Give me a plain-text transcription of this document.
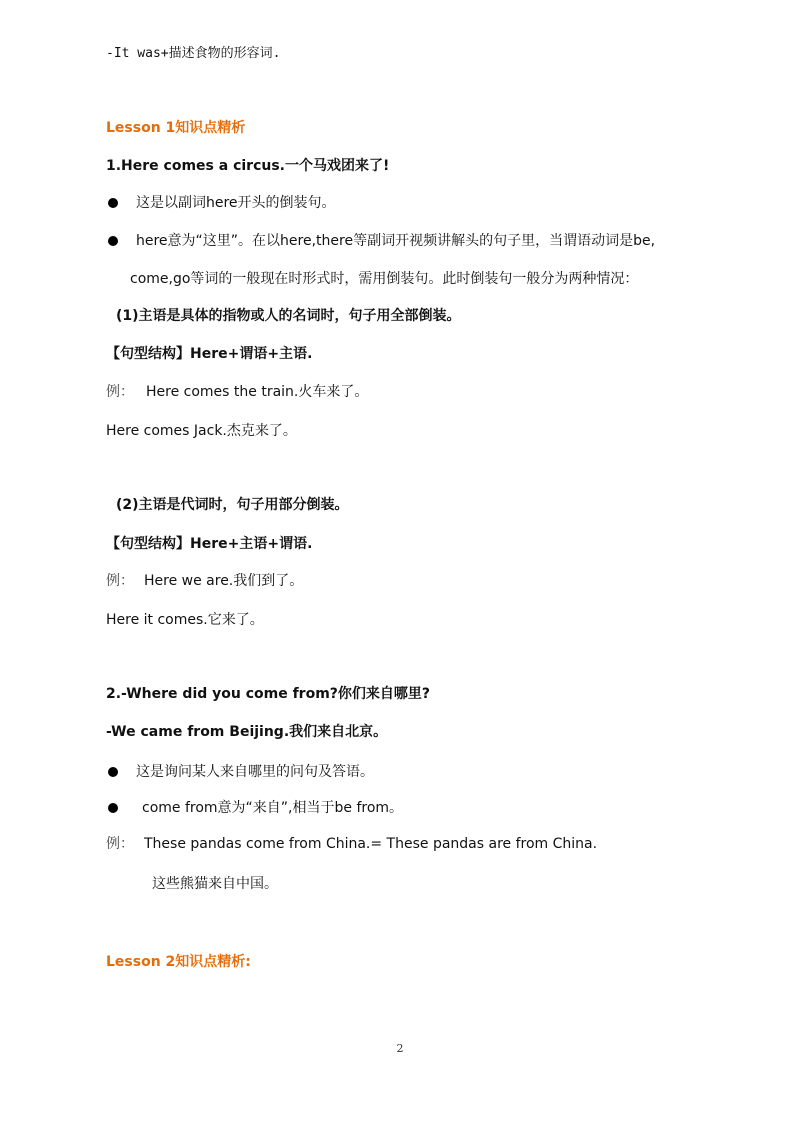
-It was+描述食物的形容词.
Lesson 1知识点精析
1.Here comes a circus.一个马戏团来了!
这是以副词here开头的倒装句。
here意为“这里”。在以here,there等副词开视频讲解头的句子里，当谓语动词是be,
come,go等词的一般现在时形式时，需用倒装句。此时倒装句一般分为两种情况：
(1)主语是具体的指物或人的名词时，句子用全部倒装。
【句型结构】Here+谓语+主语.
例： Here comes the train.火车来了。
Here comes Jack.杰克来了。
(2)主语是代词时，句子用部分倒装。
【句型结构】Here+主语+谓语.
例： Here we are.我们到了。
Here it comes.它来了。
2.-Where did you come from?你们来自哪里?
-We came from Beijing.我们来自北京。
这是询问某人来自哪里的问句及答语。
come from意为“来自”,相当于be from。
例： These pandas come from China.= These pandas are from China.
这些熊猫来自中国。
Lesson 2知识点精析:
2
